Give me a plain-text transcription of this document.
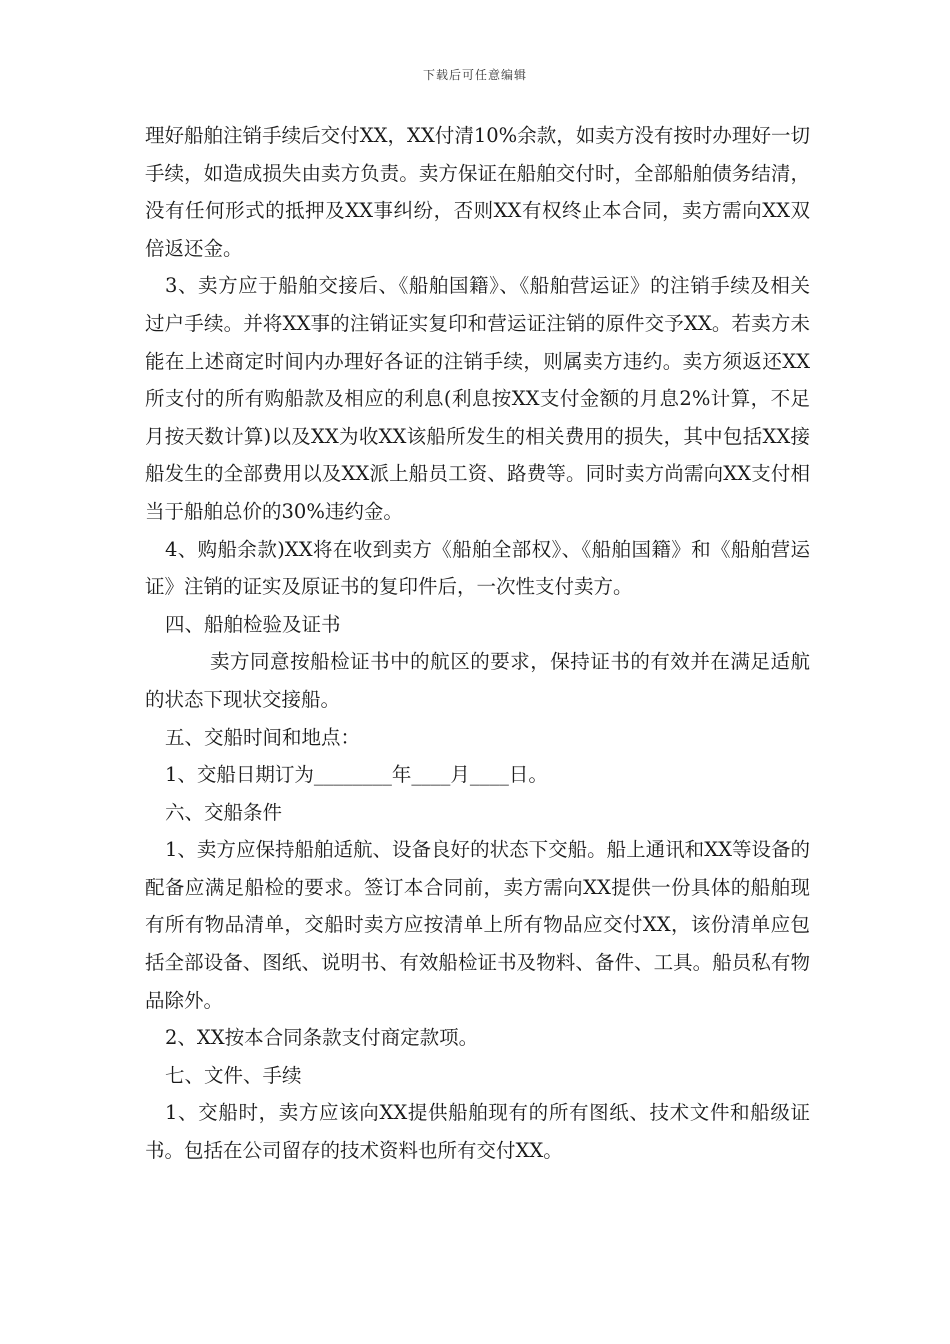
下载后可任意编辑

理好船舶注销手续后交付XX，XX付清10%余款，如卖方没有按时办理好一切手续，如造成损失由卖方负责。卖方保证在船舶交付时，全部船舶债务结清，没有任何形式的抵押及XX事纠纷，否则XX有权终止本合同，卖方需向XX双倍返还金。

3、卖方应于船舶交接后、《船舶国籍》、《船舶营运证》的注销手续及相关过户手续。并将XX事的注销证实复印和营运证注销的原件交予XX。若卖方未能在上述商定时间内办理好各证的注销手续，则属卖方违约。卖方须返还XX所支付的所有购船款及相应的利息(利息按XX支付金额的月息2%计算，不足月按天数计算)以及XX为收XX该船所发生的相关费用的损失，其中包括XX接船发生的全部费用以及XX派上船员工资、路费等。同时卖方尚需向XX支付相当于船舶总价的30%违约金。

4、购船余款)XX将在收到卖方《船舶全部权》、《船舶国籍》和《船舶营运证》注销的证实及原证书的复印件后，一次性支付卖方。

四、船舶检验及证书

卖方同意按船检证书中的航区的要求，保持证书的有效并在满足适航的状态下现状交接船。

五、交船时间和地点：

1、交船日期订为________年____月____日。

六、交船条件

1、卖方应保持船舶适航、设备良好的状态下交船。船上通讯和XX等设备的配备应满足船检的要求。签订本合同前，卖方需向XX提供一份具体的船舶现有所有物品清单，交船时卖方应按清单上所有物品应交付XX，该份清单应包括全部设备、图纸、说明书、有效船检证书及物料、备件、工具。船员私有物品除外。

2、XX按本合同条款支付商定款项。

七、文件、手续

1、交船时，卖方应该向XX提供船舶现有的所有图纸、技术文件和船级证书。包括在公司留存的技术资料也所有交付XX。
